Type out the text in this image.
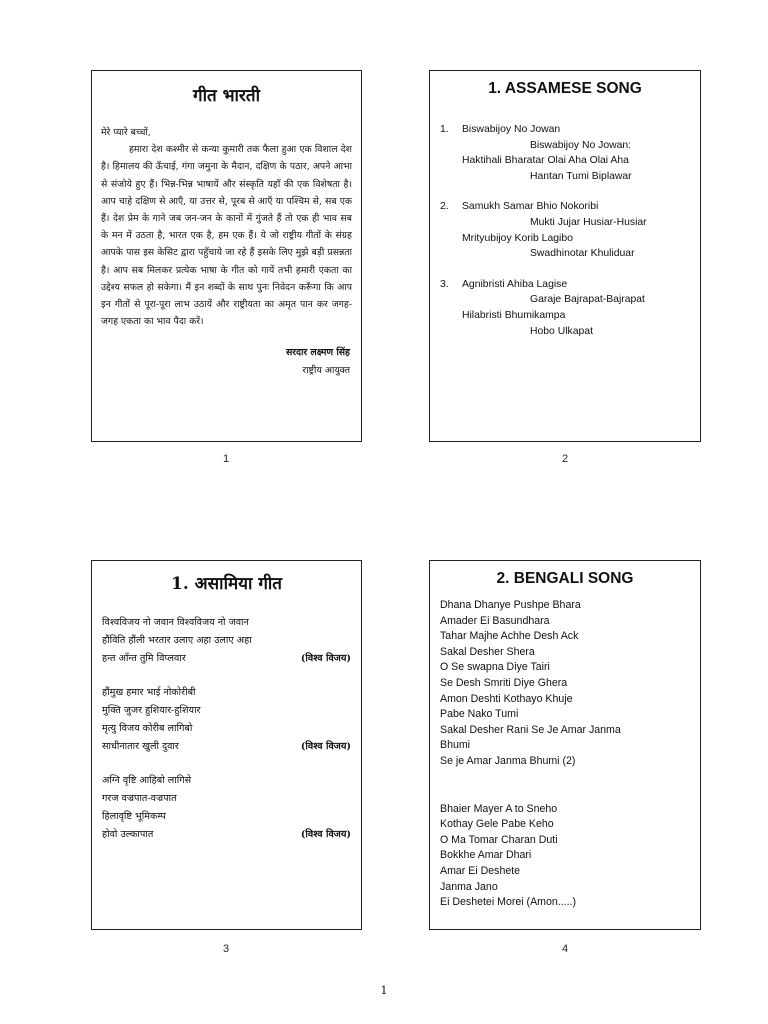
गीत भारती

मेरे प्यारे बच्चों,

हमारा देश कश्मीर से कन्या कुमारी तक फैला हुआ एक विशाल देश है। हिमालय की ऊँचाई, गंगा जमुना के मैदान, दक्षिण के पठार, अपने आभा से संजोये हुए हैं। भिन्न-भिन्न भाषायें और संस्कृति यहाँ की एक विशेषता है। आप चाहे दक्षिण से आएँ, या उत्तर से, पूरब से आएँ या पश्चिम से, सब एक हैं। देश प्रेम के गाने जब जन-जन के कानों में गुंजते हैं तो एक ही भाव सब के मन में उठता है, भारत एक है, हम एक हैं। ये जो राष्ट्रीय गीतों के संग्रह आपके पास इस केसिट द्वारा पहुँचाये जा रहे हैं इसके लिए मुझे बड़ी प्रसन्नता है। आप सब मिलकर प्रत्येक भाषा के गीत को गायें तभी हमारी एकता का उद्देश्य सफल हो सकेगा। मैं इन शब्दों के साथ पुनः निवेदन करूँगा कि आप इन गीतों से पूरा-पूरा लाभ उठायें और राष्ट्रीयता का अमृत पान कर जगह-जगह एकता का भाव पैदा करें।

सरदार लक्ष्मण सिंह
राष्ट्रीय आयुक्त
1
1. ASSAMESE SONG
1. Biswabijoy No Jowan
Biswabijoy No Jowan:
Haktihali Bharatar Olai Aha Olai Aha
Hantan Tumi Biplawar
2. Samukh Samar Bhio Nokoribi
Mukti Jujar Husiar-Husiar
Mrityubijoy Korib Lagibo
Swadhinotar Khuliduar
3. Agnibristi Ahiba Lagise
Garaje Bajrapat-Bajrapat
Hilabristi Bhumikampa
Hobo Ulkapat
2
1. असामिया गीत
विश्वविजय नो जवान विश्वविजय नो जवान
हौंविति हौंली भरतार उलाए अहा उलाए अहा
हन्त आँन्त तुमि विप्लवार	(विश्व विजय)
हौंमुख हमार भाई नोकोरीबी
मुक्ति जुजर हुशियार-हुशियार
मृत्यु विजय कोरीब लागिबो
साधीनातार खुली दुवार	(विश्व विजय)
अग्नि वृष्टि आहिबो लागिसे
गरज वज्रपात-वज्रपात
हिलावृष्टि भूमिकम्प
होवो उल्कापात	(विश्व विजय)
3
2. BENGALI SONG
Dhana Dhanye Pushpe Bhara
Amader Ei Basundhara
Tahar Majhe Achhe Desh Ack
Sakal Desher Shera
O Se swapna Diye Tairi
Se Desh Smriti Diye Ghera
Amon Deshti Kothayo Khuje
Pabe Nako Tumi
Sakal Desher Rani Se Je Amar Janma
Bhumi
Se je Amar Janma Bhumi (2)
Bhaier Mayer A to Sneho
Kothay Gele Pabe Keho
O Ma Tomar Charan Duti
Bokkhe Amar Dhari
Amar Ei Deshete
Janma Jano
Ei Deshetei Morei (Amon.....)
4
1
